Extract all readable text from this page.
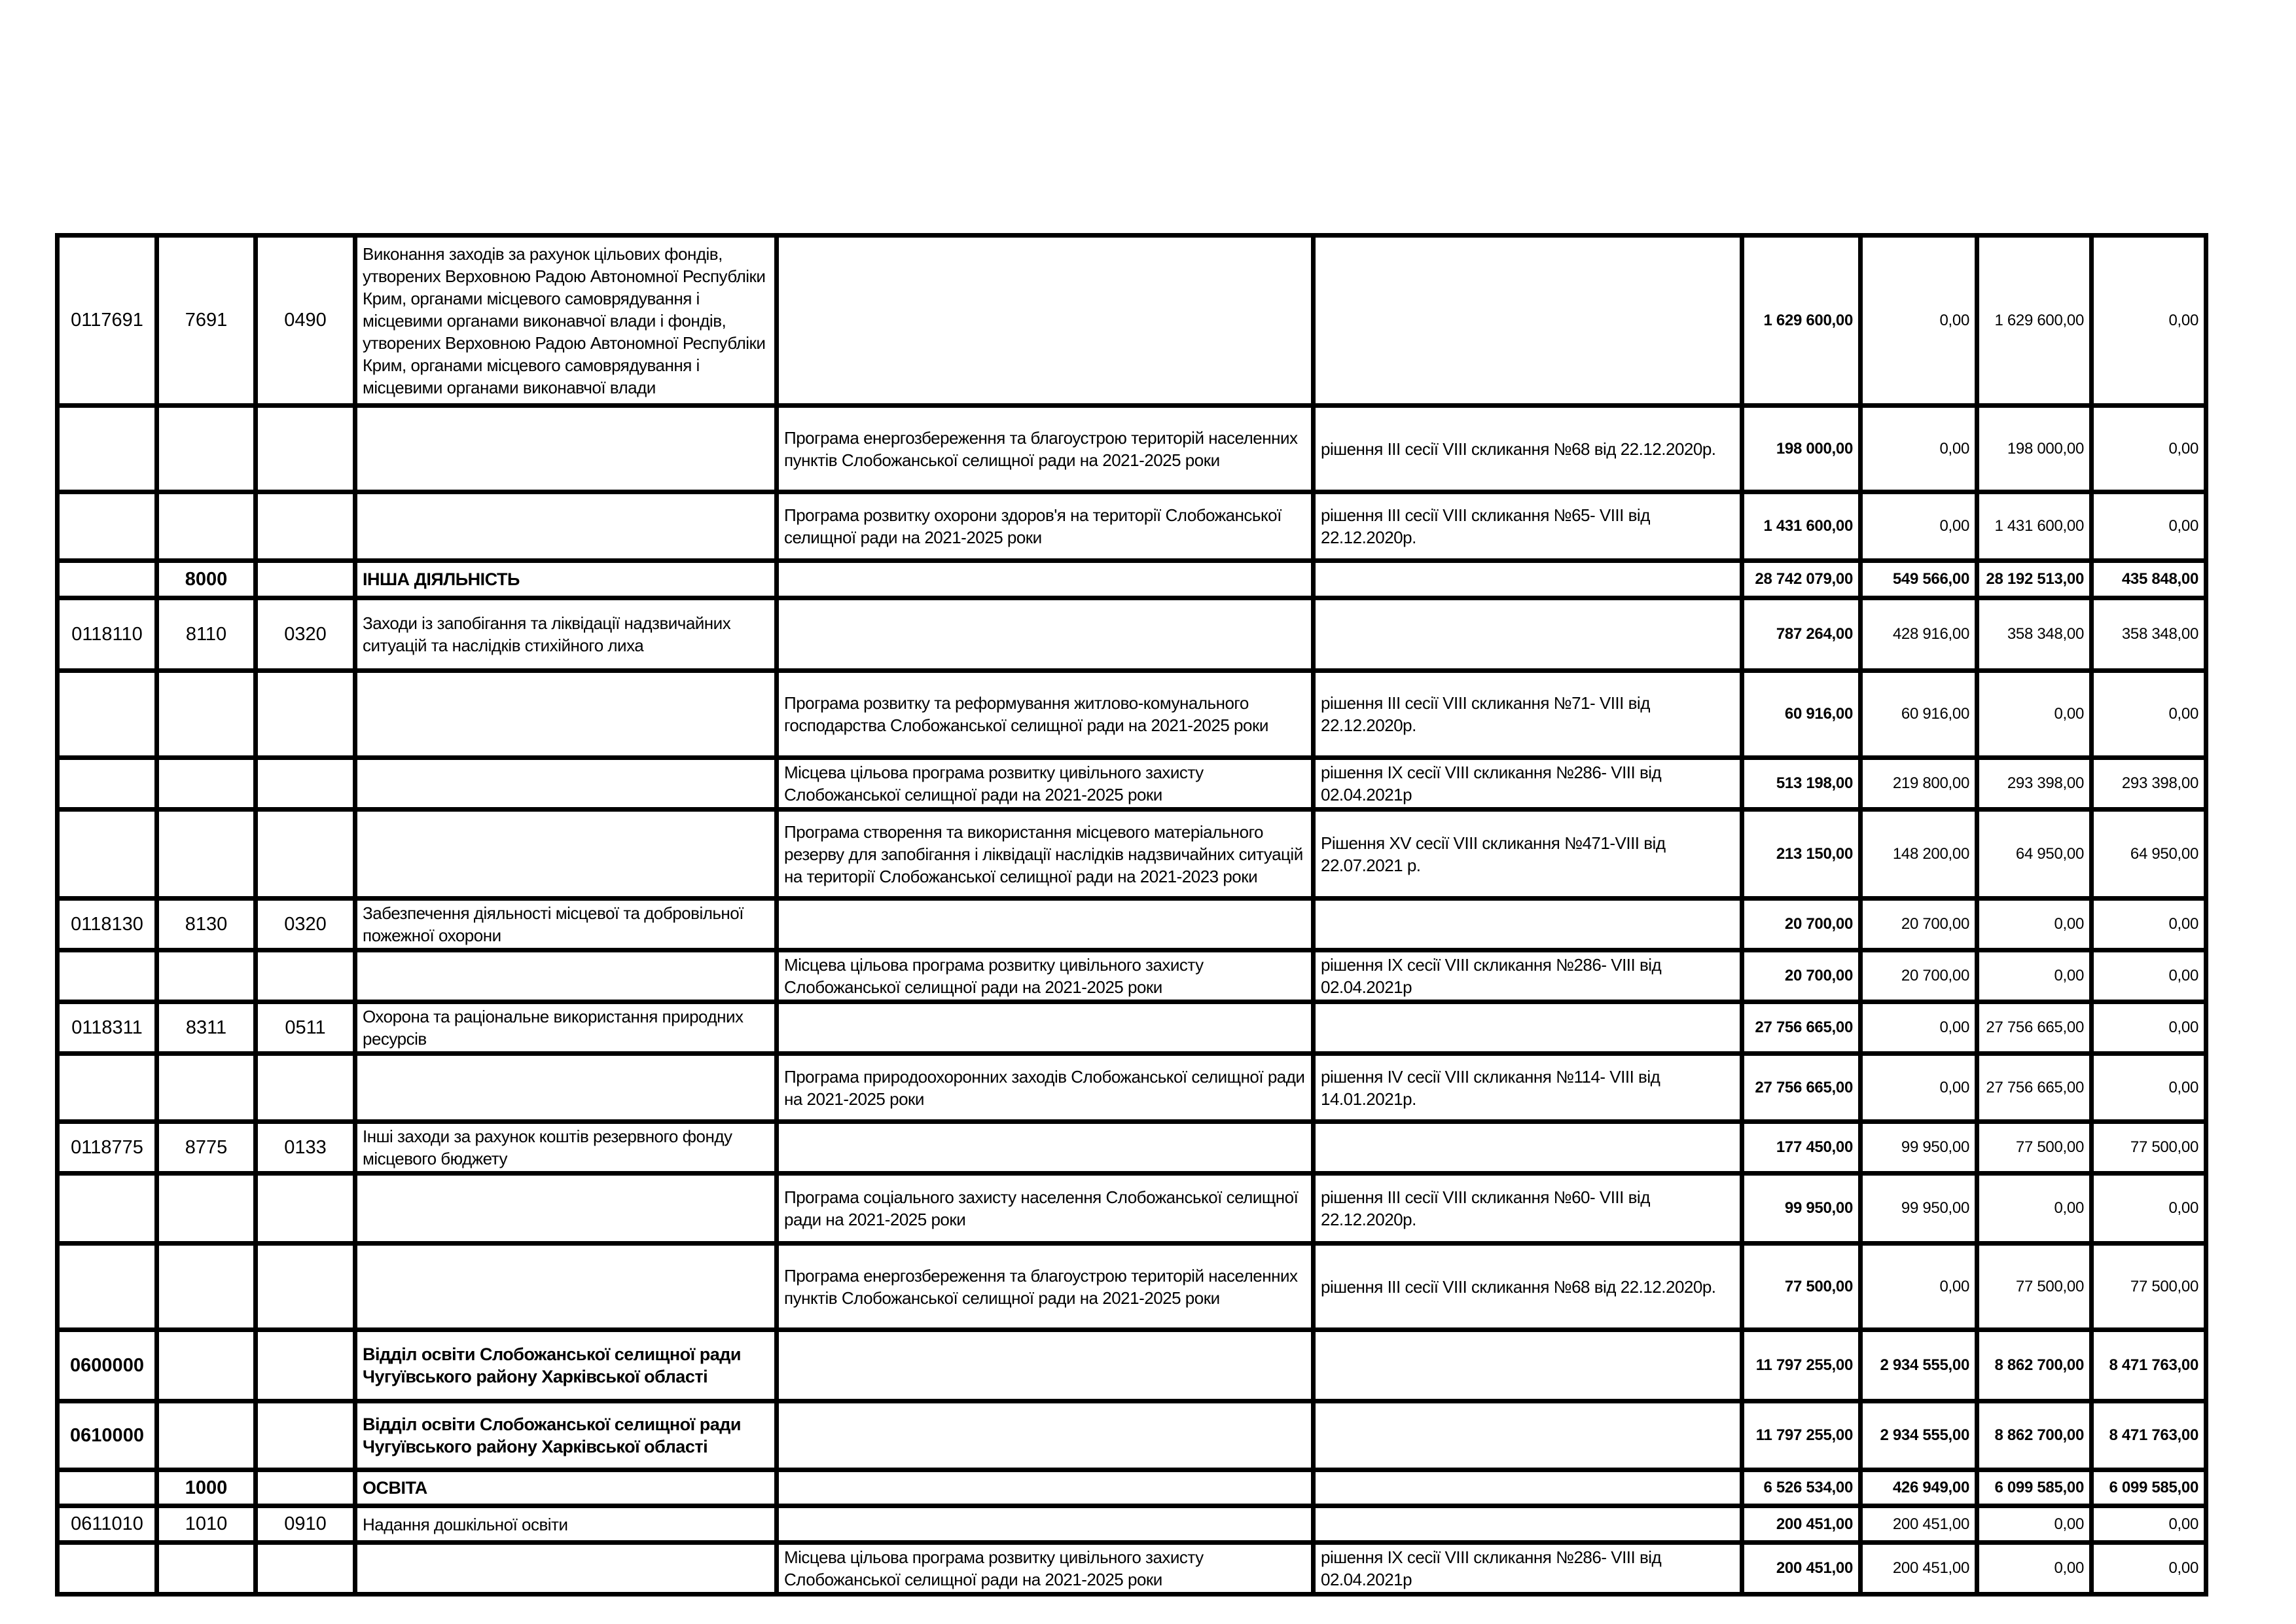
0117691	7691	0490	Виконання заходів за рахунок цільових фондів, утворених Верховною Радою Автономної Республіки Крим, органами місцевого самоврядування і місцевими органами виконавчої влади і фондів, утворених Верховною Радою Автономної Республіки Крим, органами місцевого самоврядування і місцевими органами виконавчої влади			1 629 600,00	0,00	1 629 600,00	0,00
				Програма енергозбереження та благоустрою територій населенних пунктів Слобожанської селищної ради на 2021-2025 роки	рішення III сесії VIII скликання №68 від 22.12.2020р.	198 000,00	0,00	198 000,00	0,00
				Програма розвитку охорони здоров'я на території Слобожанської селищної ради на 2021-2025 роки	рішення III сесії VIII скликання №65- VIII від 22.12.2020р.	1 431 600,00	0,00	1 431 600,00	0,00
	8000		ІНША ДІЯЛЬНІСТЬ			28 742 079,00	549 566,00	28 192 513,00	435 848,00
0118110	8110	0320	Заходи із запобігання та ліквідації надзвичайних ситуацій та наслідків стихійного лиха			787 264,00	428 916,00	358 348,00	358 348,00
				Програма розвитку та реформування житлово-комунального господарства Слобожанської селищної ради на 2021-2025 роки	рішення III сесії VIII скликання №71- VIII від 22.12.2020р.	60 916,00	60 916,00	0,00	0,00
				Місцева цільова програма розвитку цивільного захисту Слобожанської селищної ради на 2021-2025 роки	рішення IX сесії VIII скликання №286- VIII від 02.04.2021р	513 198,00	219 800,00	293 398,00	293 398,00
				Програма створення та використання місцевого матеріального резерву для запобігання і ліквідації наслідків надзвичайних ситуацій на території Слобожанської селищної ради на 2021-2023 роки	Рішення XV сесії VIII скликання №471-VIII від 22.07.2021 р.	213 150,00	148 200,00	64 950,00	64 950,00
0118130	8130	0320	Забезпечення діяльності місцевої та добровільної пожежної охорони			20 700,00	20 700,00	0,00	0,00
				Місцева цільова програма розвитку цивільного захисту Слобожанської селищної ради на 2021-2025 роки	рішення IX сесії VIII скликання №286- VIII від 02.04.2021р	20 700,00	20 700,00	0,00	0,00
0118311	8311	0511	Охорона та раціональне використання природних ресурсів			27 756 665,00	0,00	27 756 665,00	0,00
				Програма природоохоронних заходів Слобожанської селищної ради на 2021-2025 роки	рішення IV сесії VIII скликання №114- VIII від 14.01.2021р.	27 756 665,00	0,00	27 756 665,00	0,00
0118775	8775	0133	Інші заходи за рахунок коштів резервного фонду місцевого бюджету			177 450,00	99 950,00	77 500,00	77 500,00
				Програма соціального захисту населення Слобожанської селищної ради на 2021-2025 роки	рішення III сесії VIII скликання №60- VIII від 22.12.2020р.	99 950,00	99 950,00	0,00	0,00
				Програма енергозбереження та благоустрою територій населенних пунктів Слобожанської селищної ради на 2021-2025 роки	рішення III сесії VIII скликання №68 від 22.12.2020р.	77 500,00	0,00	77 500,00	77 500,00
0600000			Відділ освіти Слобожанської селищної ради Чугуївського району Харківської області			11 797 255,00	2 934 555,00	8 862 700,00	8 471 763,00
0610000			Відділ освіти Слобожанської селищної ради Чугуївського району Харківської області			11 797 255,00	2 934 555,00	8 862 700,00	8 471 763,00
	1000		ОСВІТА			6 526 534,00	426 949,00	6 099 585,00	6 099 585,00
0611010	1010	0910	Надання дошкільної освіти			200 451,00	200 451,00	0,00	0,00
				Місцева цільова програма розвитку цивільного захисту Слобожанської селищної ради на 2021-2025 роки	рішення IX сесії VIII скликання №286- VIII від 02.04.2021р	200 451,00	200 451,00	0,00	0,00
